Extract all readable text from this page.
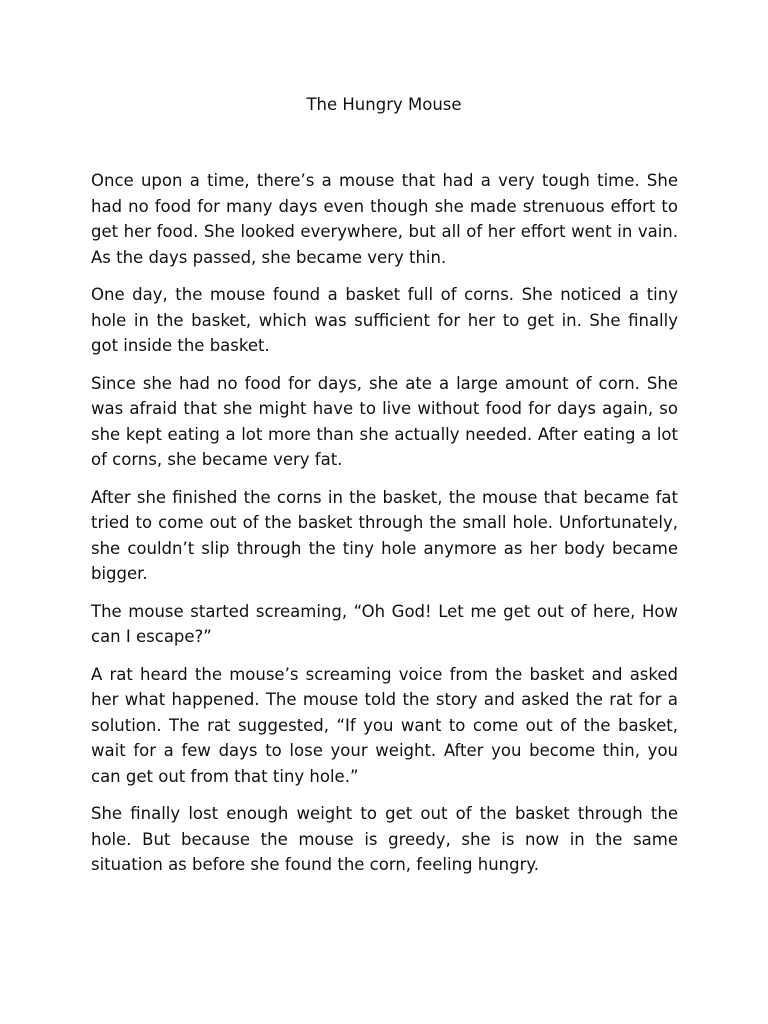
The Hungry Mouse

Once upon a time, there’s a mouse that had a very tough time. She had no food for many days even though she made strenuous effort to get her food. She looked everywhere, but all of her effort went in vain. As the days passed, she became very thin.

One day, the mouse found a basket full of corns. She noticed a tiny hole in the basket, which was sufficient for her to get in. She finally got inside the basket.

Since she had no food for days, she ate a large amount of corn. She was afraid that she might have to live without food for days again, so she kept eating a lot more than she actually needed. After eating a lot of corns, she became very fat.

After she finished the corns in the basket, the mouse that became fat tried to come out of the basket through the small hole. Unfortunately, she couldn’t slip through the tiny hole anymore as her body became bigger.

The mouse started screaming, “Oh God! Let me get out of here, How can I escape?”

A rat heard the mouse’s screaming voice from the basket and asked her what happened. The mouse told the story and asked the rat for a solution. The rat suggested, “If you want to come out of the basket, wait for a few days to lose your weight. After you become thin, you can get out from that tiny hole.”

She finally lost enough weight to get out of the basket through the hole. But because the mouse is greedy, she is now in the same situation as before she found the corn, feeling hungry.
